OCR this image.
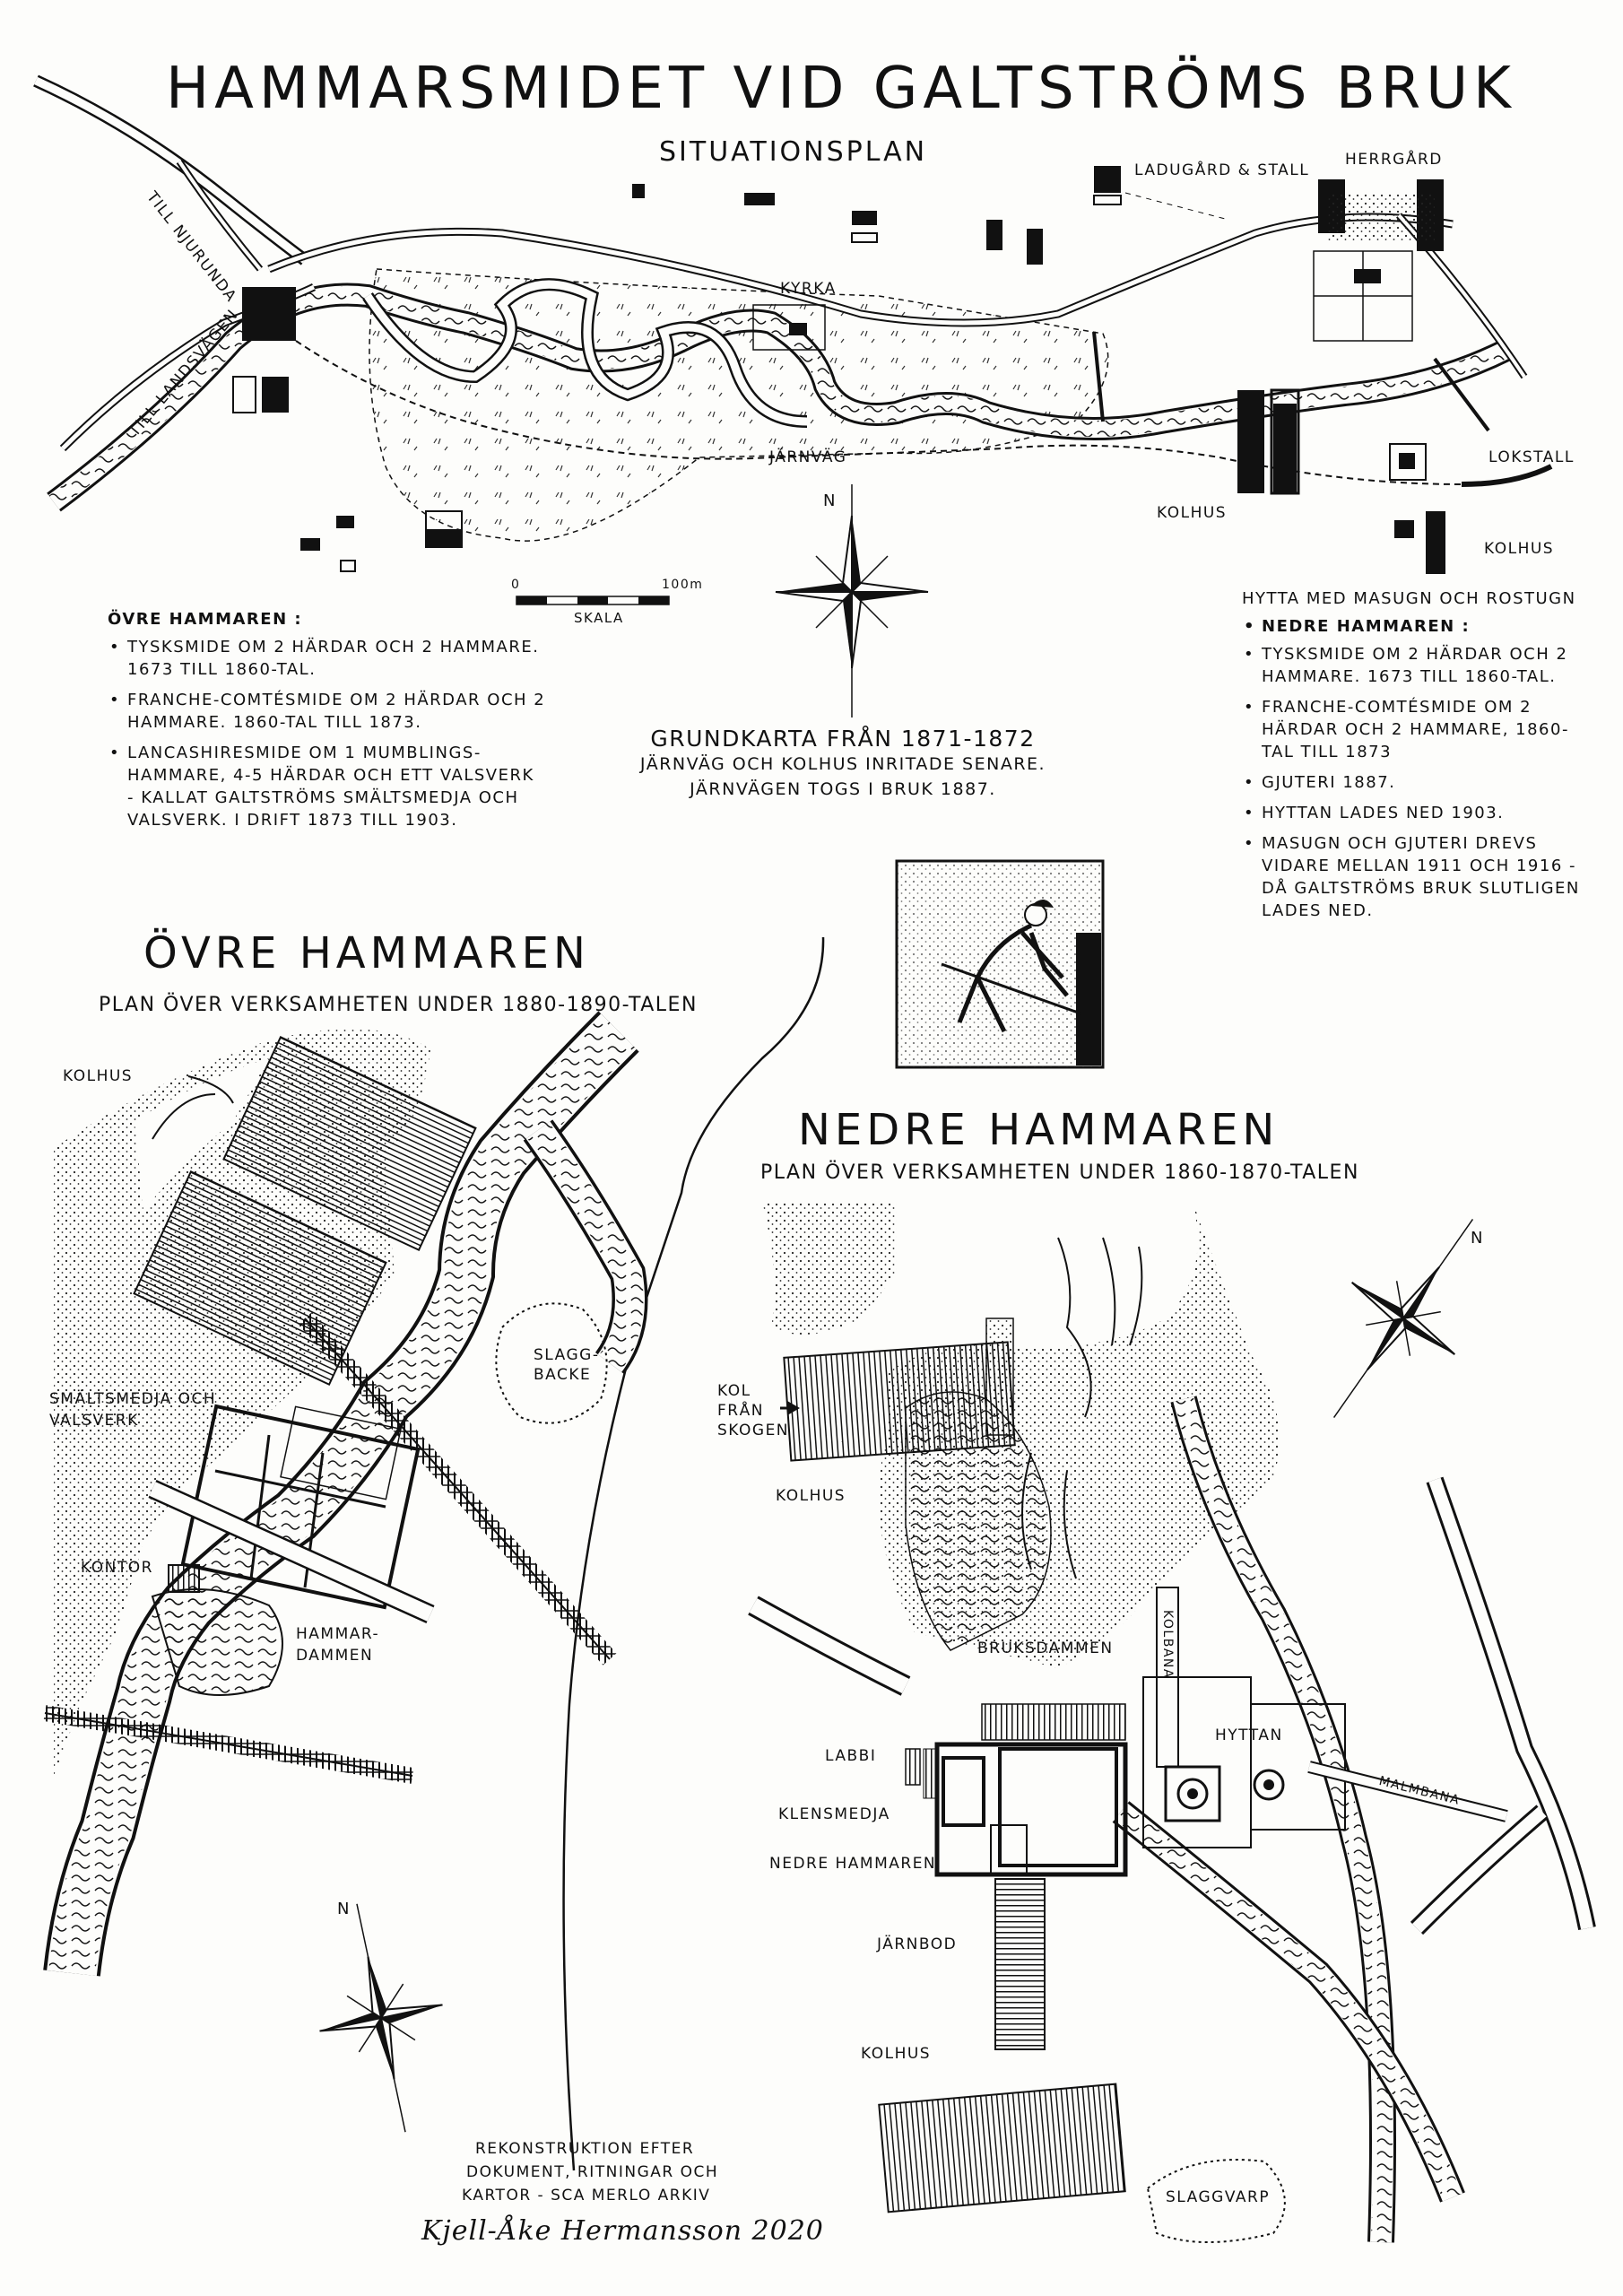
HAMMARSMIDET VID GALTSTRÖMS BRUK
SITUATIONSPLAN
TILL NJURUNDA
TILL LANDSVÄGEN
KYRKA
LADUGÅRD & STALL
HERRGÅRD
JÄRNVÄG	LOKSTALL
KOLHUS
KOLHUS
N
0	100m
SKALA
ÖVRE HAMMAREN :
• TYSKSMIDE OM 2 HÄRDAR OCH 2 HAMMARE. 1673 TILL 1860-TAL.
• FRANCHE-COMTÉSMIDE OM 2 HÄRDAR OCH 2 HAMMARE. 1860-TAL TILL 1873.
• LANCASHIRESMIDE OM 1 MUMBLINGS-HAMMARE, 4-5 HÄRDAR OCH ETT VALSVERK - KALLAT GALTSTRÖMS SMÄLTSMEDJA OCH VALSVERK. I DRIFT 1873 TILL 1903.
GRUNDKARTA FRÅN 1871-1872
JÄRNVÄG OCH KOLHUS INRITADE SENARE.
JÄRNVÄGEN TOGS I BRUK 1887.
HYTTA MED MASUGN OCH ROSTUGN
• NEDRE HAMMAREN :
• TYSKSMIDE OM 2 HÄRDAR OCH 2 HAMMARE. 1673 TILL 1860-TAL.
• FRANCHE-COMTÉSMIDE OM 2 HÄRDAR OCH 2 HAMMARE, 1860-TAL TILL 1873
• GJUTERI 1887.
• HYTTAN LADES NED 1903.
• MASUGN OCH GJUTERI DREVS VIDARE MELLAN 1911 OCH 1916 - DÅ GALTSTRÖMS BRUK SLUTLIGEN LADES NED.
ÖVRE HAMMAREN
PLAN ÖVER VERKSAMHETEN UNDER 1880-1890-TALEN
KOLHUS
SMÄLTSMEDJA OCH VALSVERK
KONTOR
HAMMAR-DAMMEN
SLAGG-BACKE
N
NEDRE HAMMAREN
PLAN ÖVER VERKSAMHETEN UNDER 1860-1870-TALEN
KOL FRÅN SKOGEN
KOLHUS
BRUKSDAMMEN	KOLBANA
HYTTAN
MALMBANA
LABBI
KLENSMEDJA
NEDRE HAMMAREN
JÄRNBOD
KOLHUS
SLAGGVARP
N
REKONSTRUKTION EFTER
DOKUMENT, RITNINGAR OCH
KARTOR - SCA MERLO ARKIV
Kjell-Åke Hermansson 2020
